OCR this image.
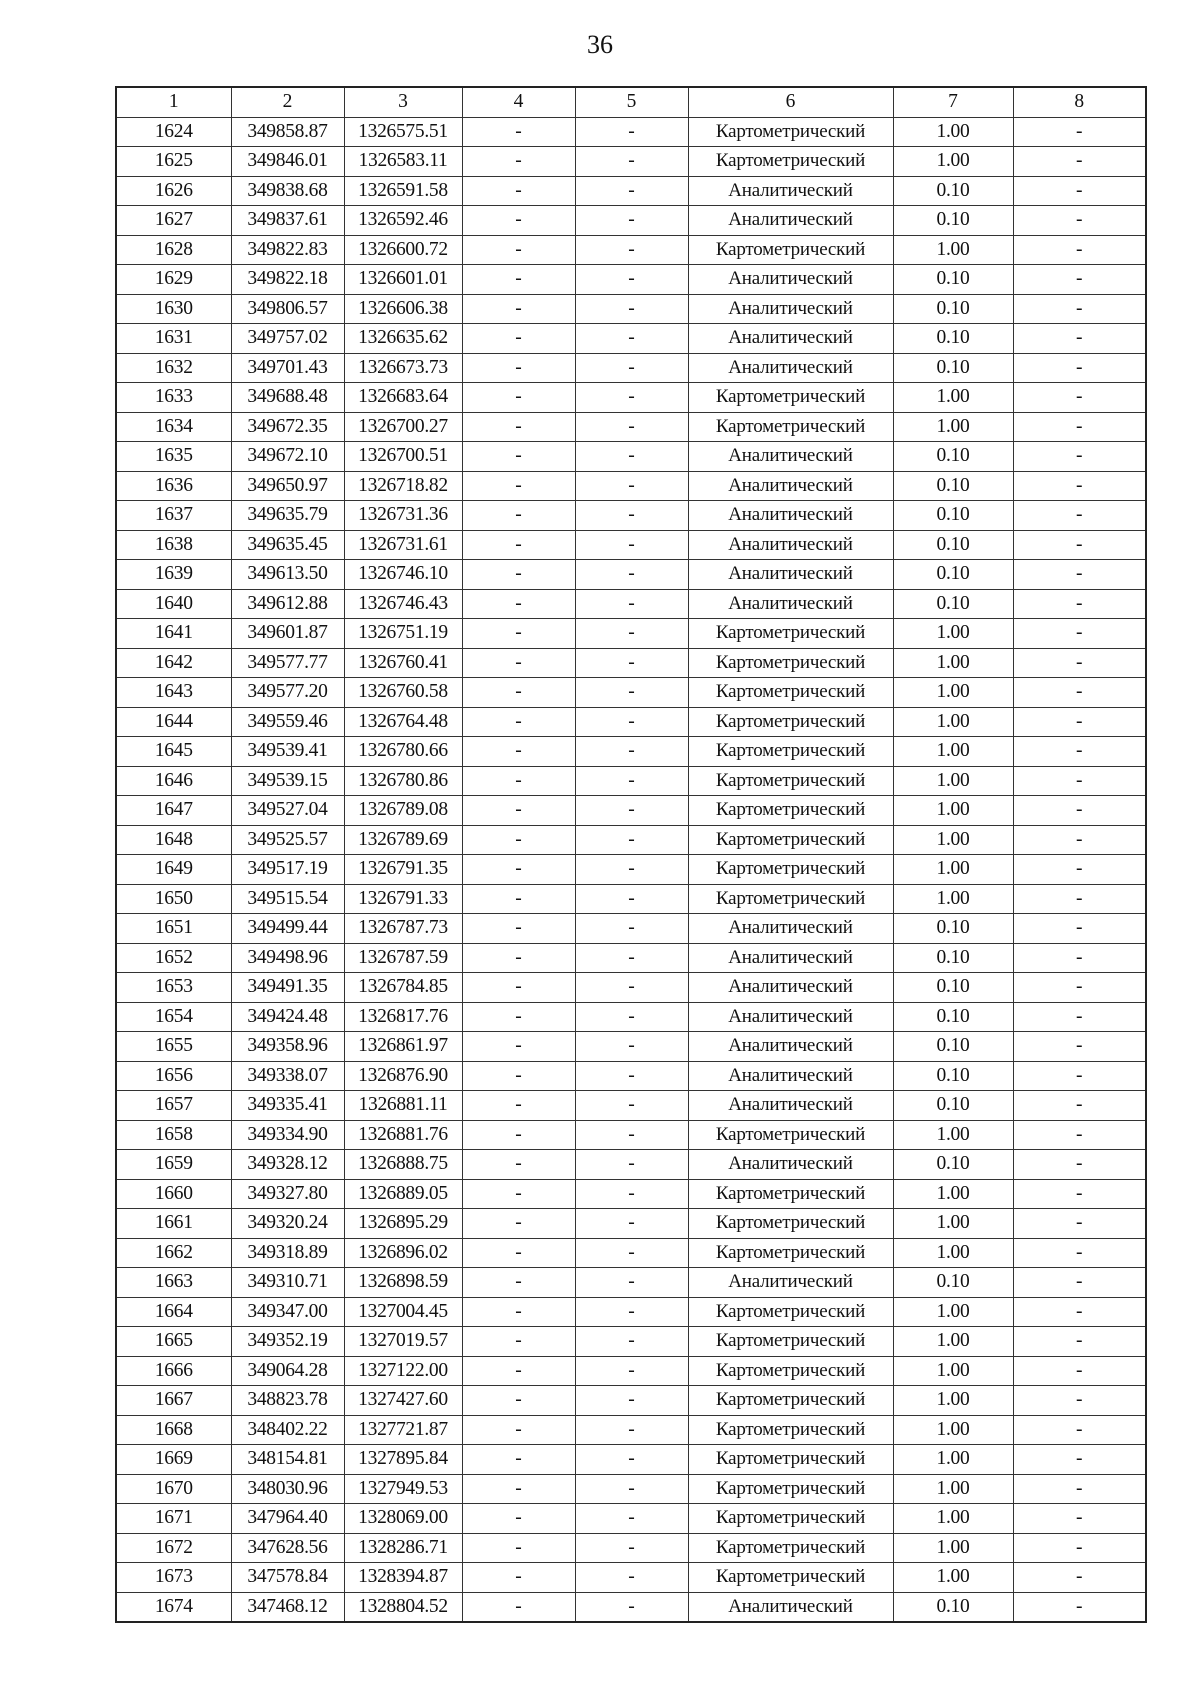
36
1	2	3	4	5	6	7	8
1624	349858.87	1326575.51	-	-	Картометрический	1.00	-
1625	349846.01	1326583.11	-	-	Картометрический	1.00	-
1626	349838.68	1326591.58	-	-	Аналитический	0.10	-
1627	349837.61	1326592.46	-	-	Аналитический	0.10	-
1628	349822.83	1326600.72	-	-	Картометрический	1.00	-
1629	349822.18	1326601.01	-	-	Аналитический	0.10	-
1630	349806.57	1326606.38	-	-	Аналитический	0.10	-
1631	349757.02	1326635.62	-	-	Аналитический	0.10	-
1632	349701.43	1326673.73	-	-	Аналитический	0.10	-
1633	349688.48	1326683.64	-	-	Картометрический	1.00	-
1634	349672.35	1326700.27	-	-	Картометрический	1.00	-
1635	349672.10	1326700.51	-	-	Аналитический	0.10	-
1636	349650.97	1326718.82	-	-	Аналитический	0.10	-
1637	349635.79	1326731.36	-	-	Аналитический	0.10	-
1638	349635.45	1326731.61	-	-	Аналитический	0.10	-
1639	349613.50	1326746.10	-	-	Аналитический	0.10	-
1640	349612.88	1326746.43	-	-	Аналитический	0.10	-
1641	349601.87	1326751.19	-	-	Картометрический	1.00	-
1642	349577.77	1326760.41	-	-	Картометрический	1.00	-
1643	349577.20	1326760.58	-	-	Картометрический	1.00	-
1644	349559.46	1326764.48	-	-	Картометрический	1.00	-
1645	349539.41	1326780.66	-	-	Картометрический	1.00	-
1646	349539.15	1326780.86	-	-	Картометрический	1.00	-
1647	349527.04	1326789.08	-	-	Картометрический	1.00	-
1648	349525.57	1326789.69	-	-	Картометрический	1.00	-
1649	349517.19	1326791.35	-	-	Картометрический	1.00	-
1650	349515.54	1326791.33	-	-	Картометрический	1.00	-
1651	349499.44	1326787.73	-	-	Аналитический	0.10	-
1652	349498.96	1326787.59	-	-	Аналитический	0.10	-
1653	349491.35	1326784.85	-	-	Аналитический	0.10	-
1654	349424.48	1326817.76	-	-	Аналитический	0.10	-
1655	349358.96	1326861.97	-	-	Аналитический	0.10	-
1656	349338.07	1326876.90	-	-	Аналитический	0.10	-
1657	349335.41	1326881.11	-	-	Аналитический	0.10	-
1658	349334.90	1326881.76	-	-	Картометрический	1.00	-
1659	349328.12	1326888.75	-	-	Аналитический	0.10	-
1660	349327.80	1326889.05	-	-	Картометрический	1.00	-
1661	349320.24	1326895.29	-	-	Картометрический	1.00	-
1662	349318.89	1326896.02	-	-	Картометрический	1.00	-
1663	349310.71	1326898.59	-	-	Аналитический	0.10	-
1664	349347.00	1327004.45	-	-	Картометрический	1.00	-
1665	349352.19	1327019.57	-	-	Картометрический	1.00	-
1666	349064.28	1327122.00	-	-	Картометрический	1.00	-
1667	348823.78	1327427.60	-	-	Картометрический	1.00	-
1668	348402.22	1327721.87	-	-	Картометрический	1.00	-
1669	348154.81	1327895.84	-	-	Картометрический	1.00	-
1670	348030.96	1327949.53	-	-	Картометрический	1.00	-
1671	347964.40	1328069.00	-	-	Картометрический	1.00	-
1672	347628.56	1328286.71	-	-	Картометрический	1.00	-
1673	347578.84	1328394.87	-	-	Картометрический	1.00	-
1674	347468.12	1328804.52	-	-	Аналитический	0.10	-
